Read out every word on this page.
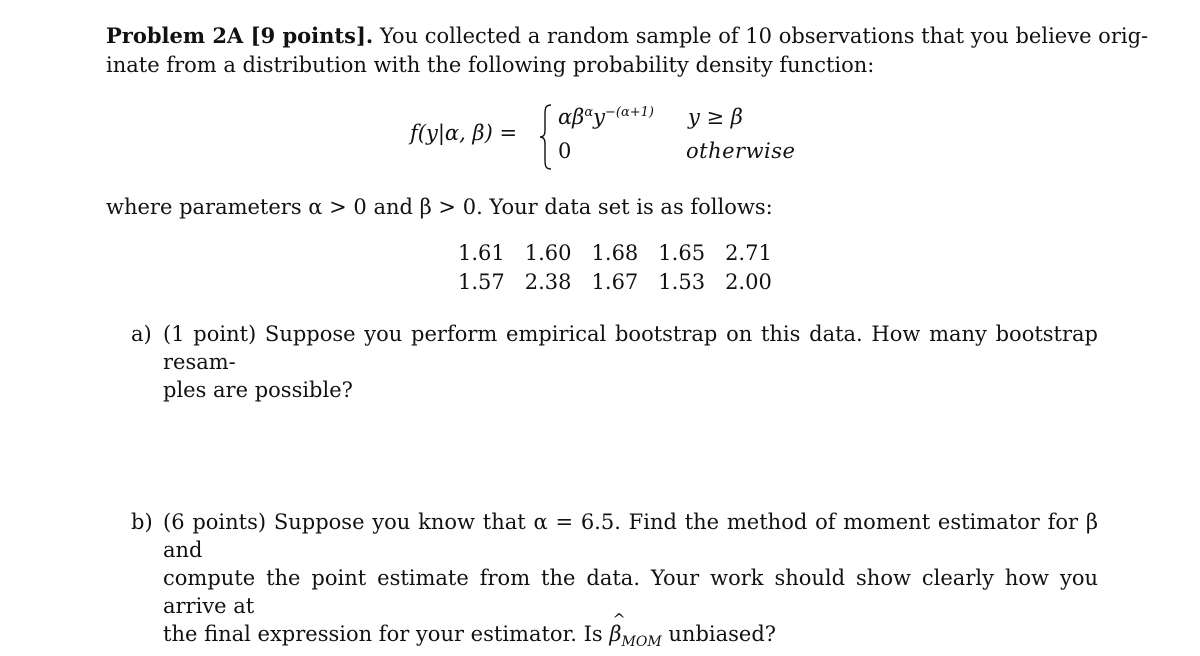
Problem 2A [9 points]. You collected a random sample of 10 observations that you believe orig-
inate from a distribution with the following probability density function:
f(y|α, β) =
$\alpha\beta^\alpha y^{-(\alpha+1)}$ y ≥ β
0	otherwise
where parameters α > 0 and β > 0. Your data set is as follows:
1.61	1.60	1.68	1.65	2.71
1.57	2.38	1.67	1.53	2.00
a) (1 point) Suppose you perform empirical bootstrap on this data. How many bootstrap resam-
ples are possible?
b) (6 points) Suppose you know that α = 6.5. Find the method of moment estimator for β and
compute the point estimate from the data. Your work should show clearly how you arrive at
the final expression for your estimator. Is ^ $\beta_{MOM}$ unbiased?
